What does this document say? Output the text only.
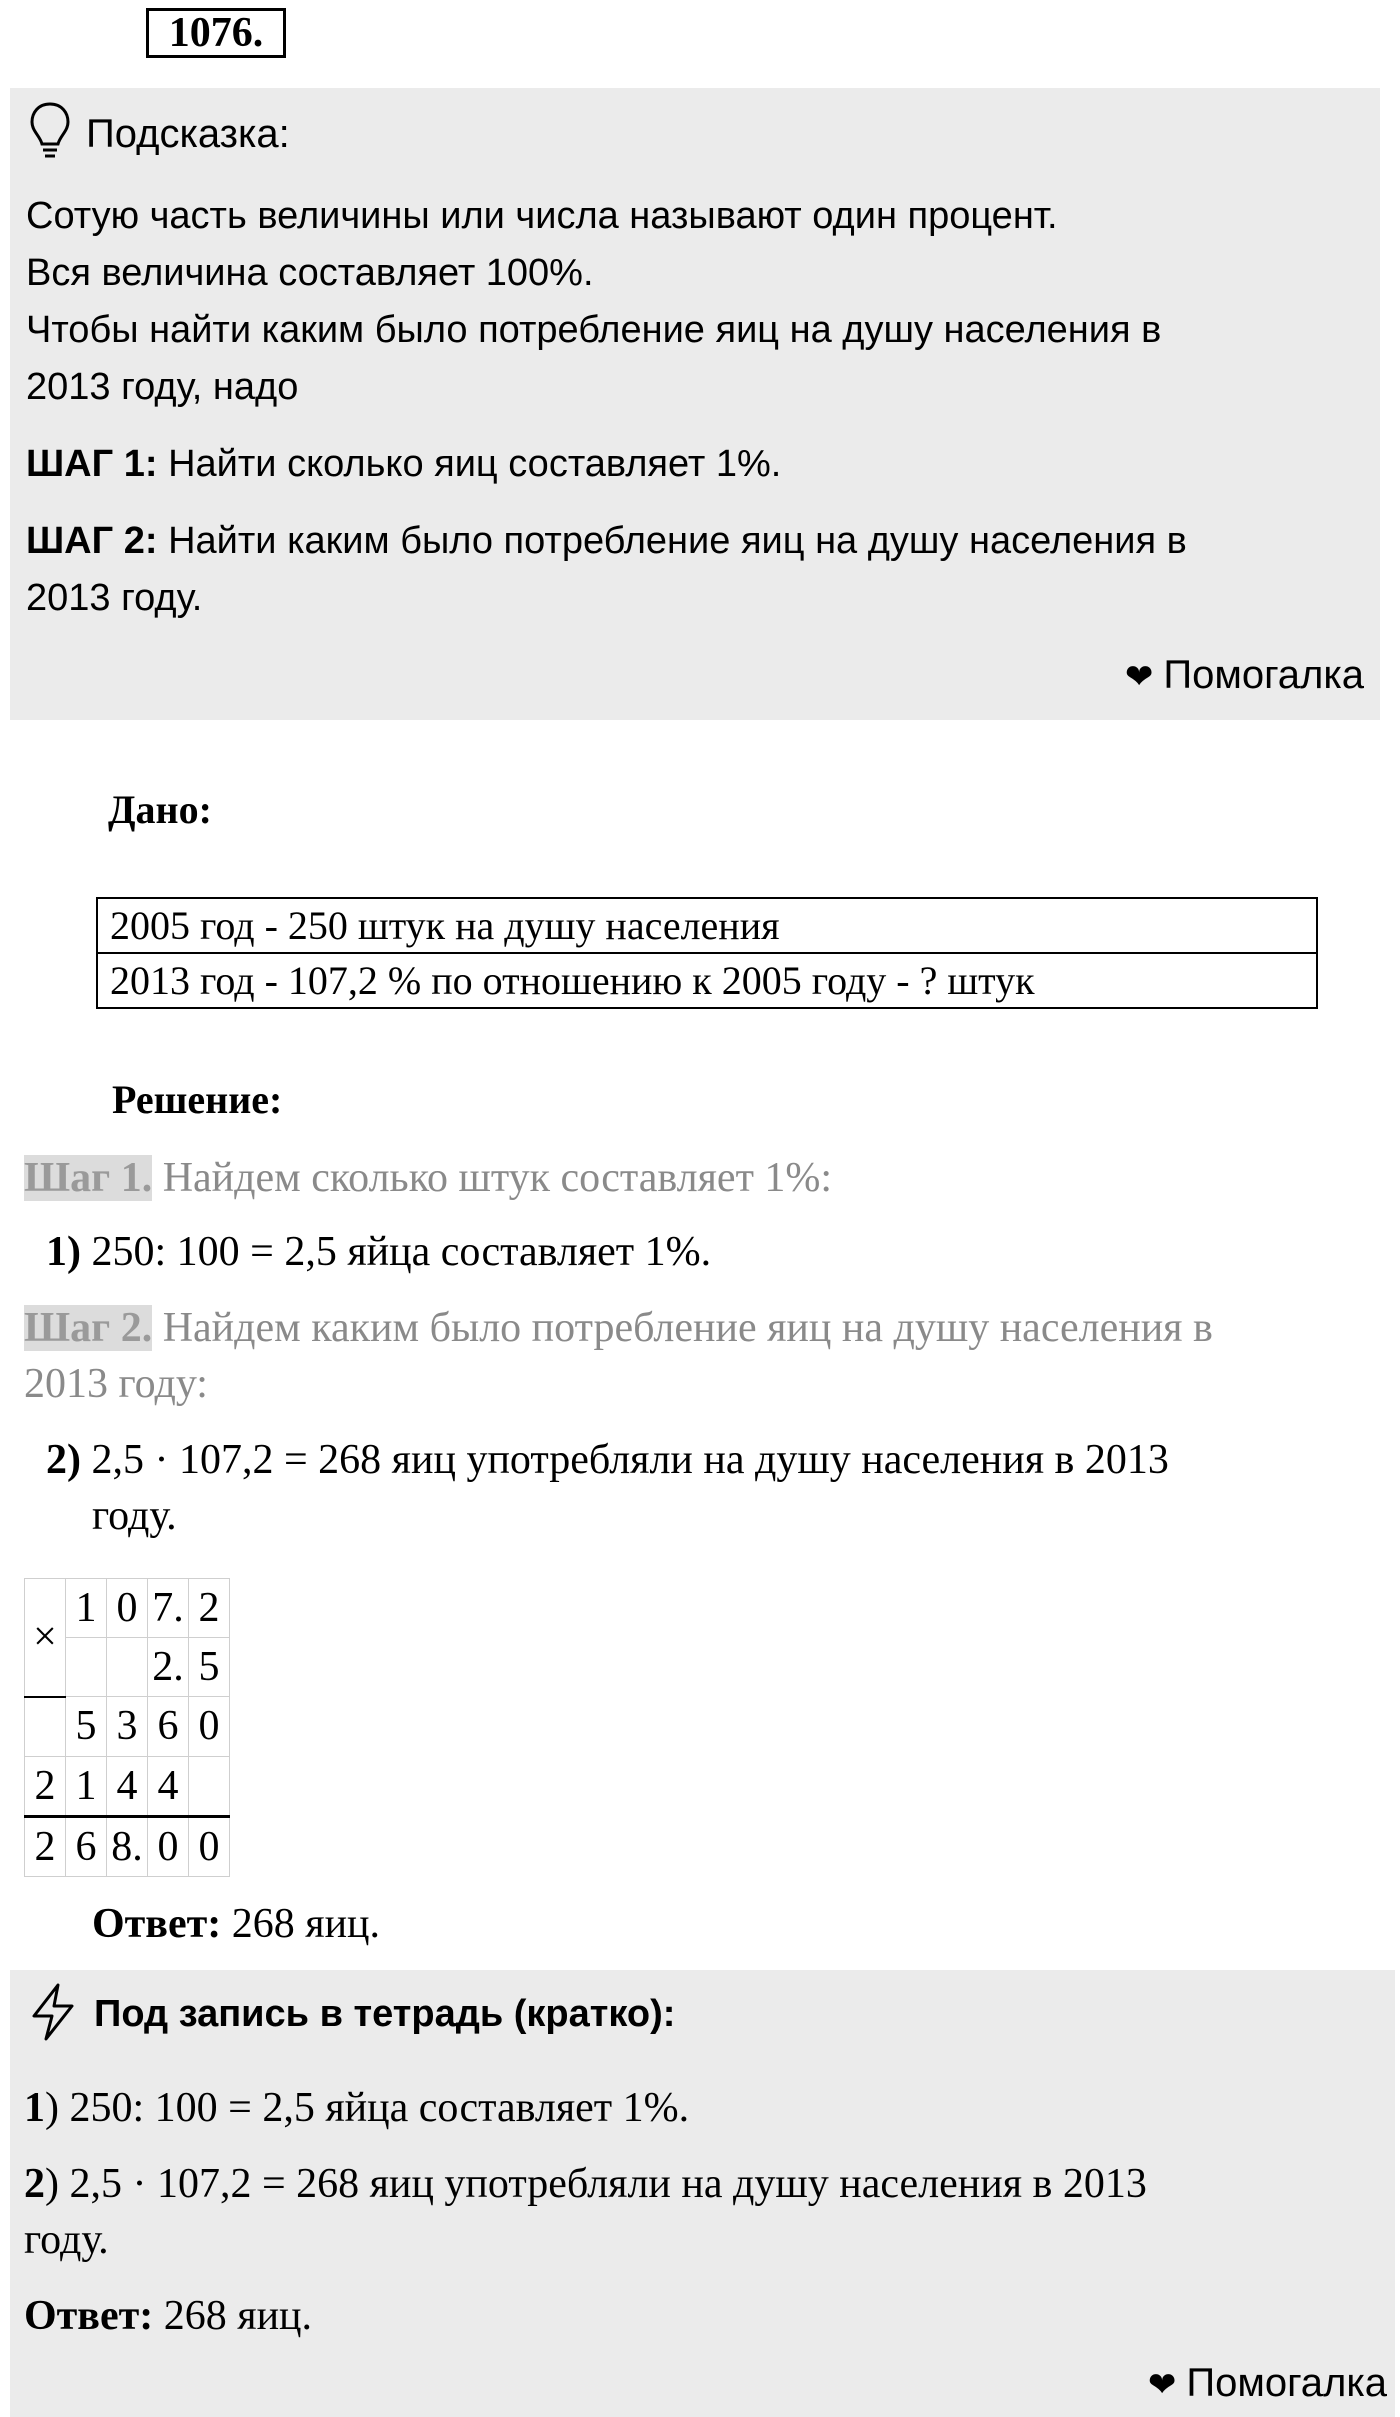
1076.
Подсказка:
Сотую часть величины или числа называют один процент.
Вся величина составляет 100%.
Чтобы найти каким было потребление яиц на душу населения в
2013 году, надо
ШАГ 1: Найти сколько яиц составляет 1%.
ШАГ 2: Найти каким было потребление яиц на душу населения в
2013 году.
❤ Помогалка
Дано:
2005 год - 250 штук на душу населения
2013 год - 107,2 % по отношению к 2005 году - ? штук
Решение:
Шаг 1. Найдем сколько штук составляет 1%:
1) 250: 100 = 2,5 яйца составляет 1%.
Шаг 2. Найдем каким было потребление яиц на душу населения в
2013 году:
2) 2,5 · 107,2 = 268 яиц употребляли на душу населения в 2013
году.
×	1	0	7.	2
			2.	5
	5	3	6	0
2	1	4	4	
2	6	8.	0	0
Ответ: 268 яиц.
Под запись в тетрадь (кратко):
1) 250: 100 = 2,5 яйца составляет 1%.
2) 2,5 · 107,2 = 268 яиц употребляли на душу населения в 2013
году.
Ответ: 268 яиц.
❤ Помогалка
